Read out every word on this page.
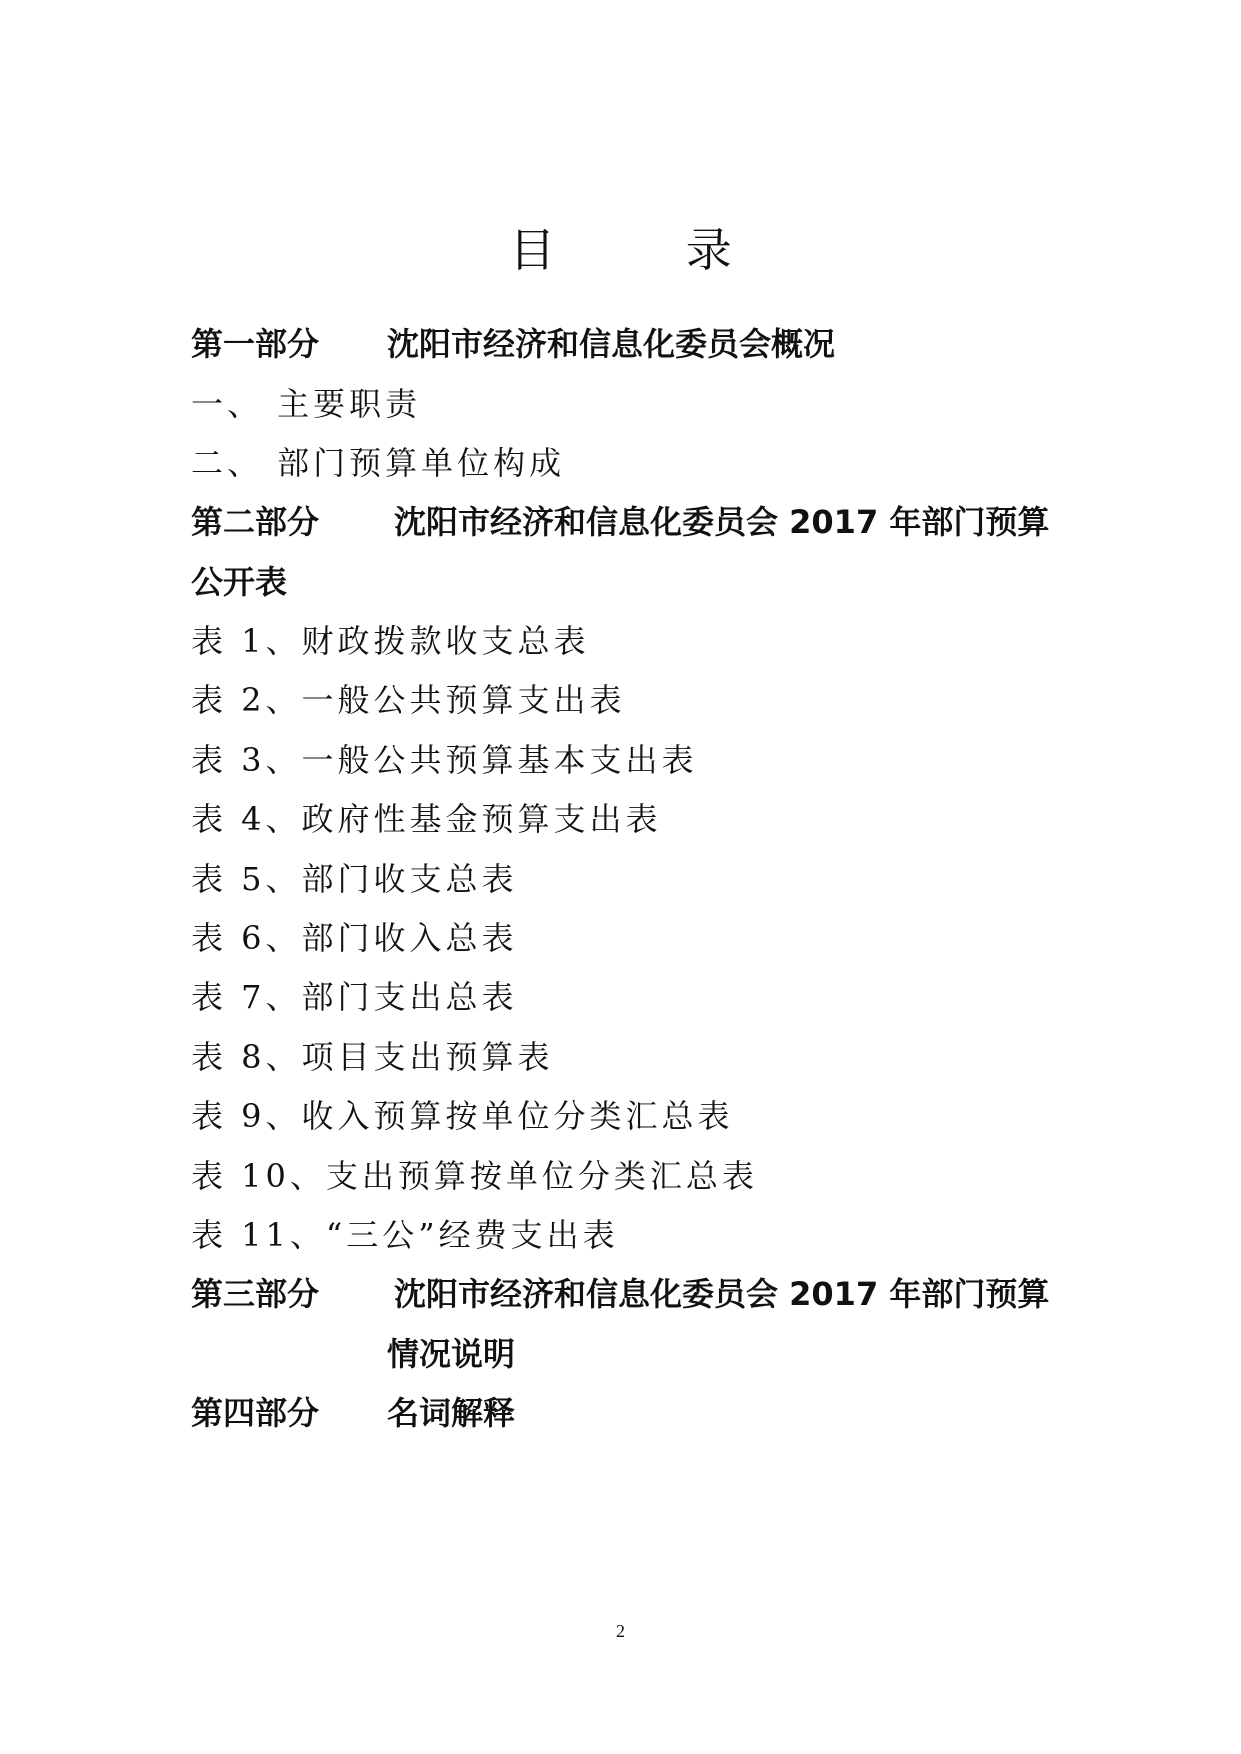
目 录
第一部分 沈阳市经济和信息化委员会概况
一、 主要职责
二、 部门预算单位构成
第二部分 沈阳市经济和信息化委员会 2017 年部门预算
公开表
表 1、财政拨款收支总表
表 2、一般公共预算支出表
表 3、一般公共预算基本支出表
表 4、政府性基金预算支出表
表 5、部门收支总表
表 6、部门收入总表
表 7、部门支出总表
表 8、项目支出预算表
表 9、收入预算按单位分类汇总表
表 10、支出预算按单位分类汇总表
表 11、“三公”经费支出表
第三部分 沈阳市经济和信息化委员会 2017 年部门预算
情况说明
第四部分 名词解释
2
